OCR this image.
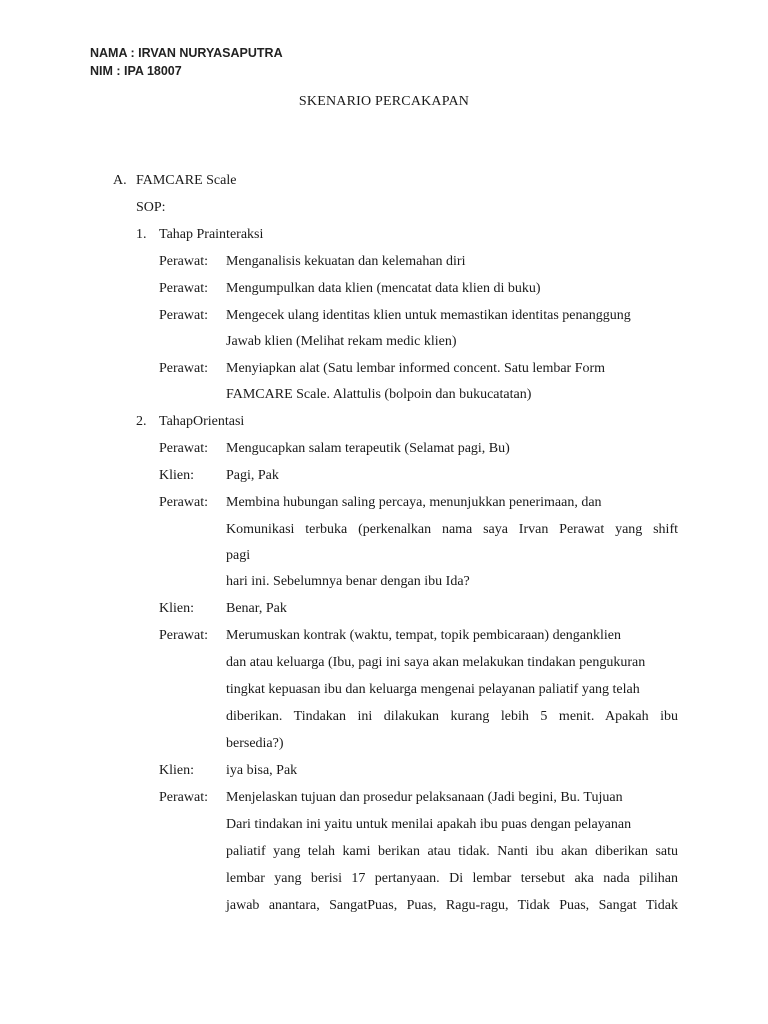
NAMA : IRVAN NURYASAPUTRA
NIM : IPA 18007
SKENARIO PERCAKAPAN
A. FAMCARE Scale
SOP:
1. Tahap Prainteraksi
Perawat: Menganalisis kekuatan dan kelemahan diri
Perawat: Mengumpulkan data klien (mencatat data klien di buku)
Perawat: Mengecek ulang identitas klien untuk memastikan identitas penanggung
Jawab klien (Melihat rekam medic klien)
Perawat: Menyiapkan alat (Satu lembar informed concent. Satu lembar Form
FAMCARE Scale. Alattulis (bolpoin dan bukucatatan)
2. TahapOrientasi
Perawat: Mengucapkan salam terapeutik (Selamat pagi, Bu)
Klien: Pagi, Pak
Perawat: Membina hubungan saling percaya, menunjukkan penerimaan, dan
Komunikasi terbuka (perkenalkan nama saya Irvan Perawat yang shift
pagi
hari ini. Sebelumnya benar dengan ibu Ida?
Klien: Benar, Pak
Perawat: Merumuskan kontrak (waktu, tempat, topik pembicaraan) denganklien
dan atau keluarga (Ibu, pagi ini saya akan melakukan tindakan pengukuran
tingkat kepuasan ibu dan keluarga mengenai pelayanan paliatif yang telah
diberikan. Tindakan ini dilakukan kurang lebih 5 menit. Apakah ibu
bersedia?)
Klien: iya bisa, Pak
Perawat: Menjelaskan tujuan dan prosedur pelaksanaan (Jadi begini, Bu. Tujuan
Dari tindakan ini yaitu untuk menilai apakah ibu puas dengan pelayanan
paliatif yang telah kami berikan atau tidak. Nanti ibu akan diberikan satu
lembar yang berisi 17 pertanyaan. Di lembar tersebut aka nada pilihan
jawab anantara, SangatPuas, Puas, Ragu-ragu, Tidak Puas, Sangat Tidak
